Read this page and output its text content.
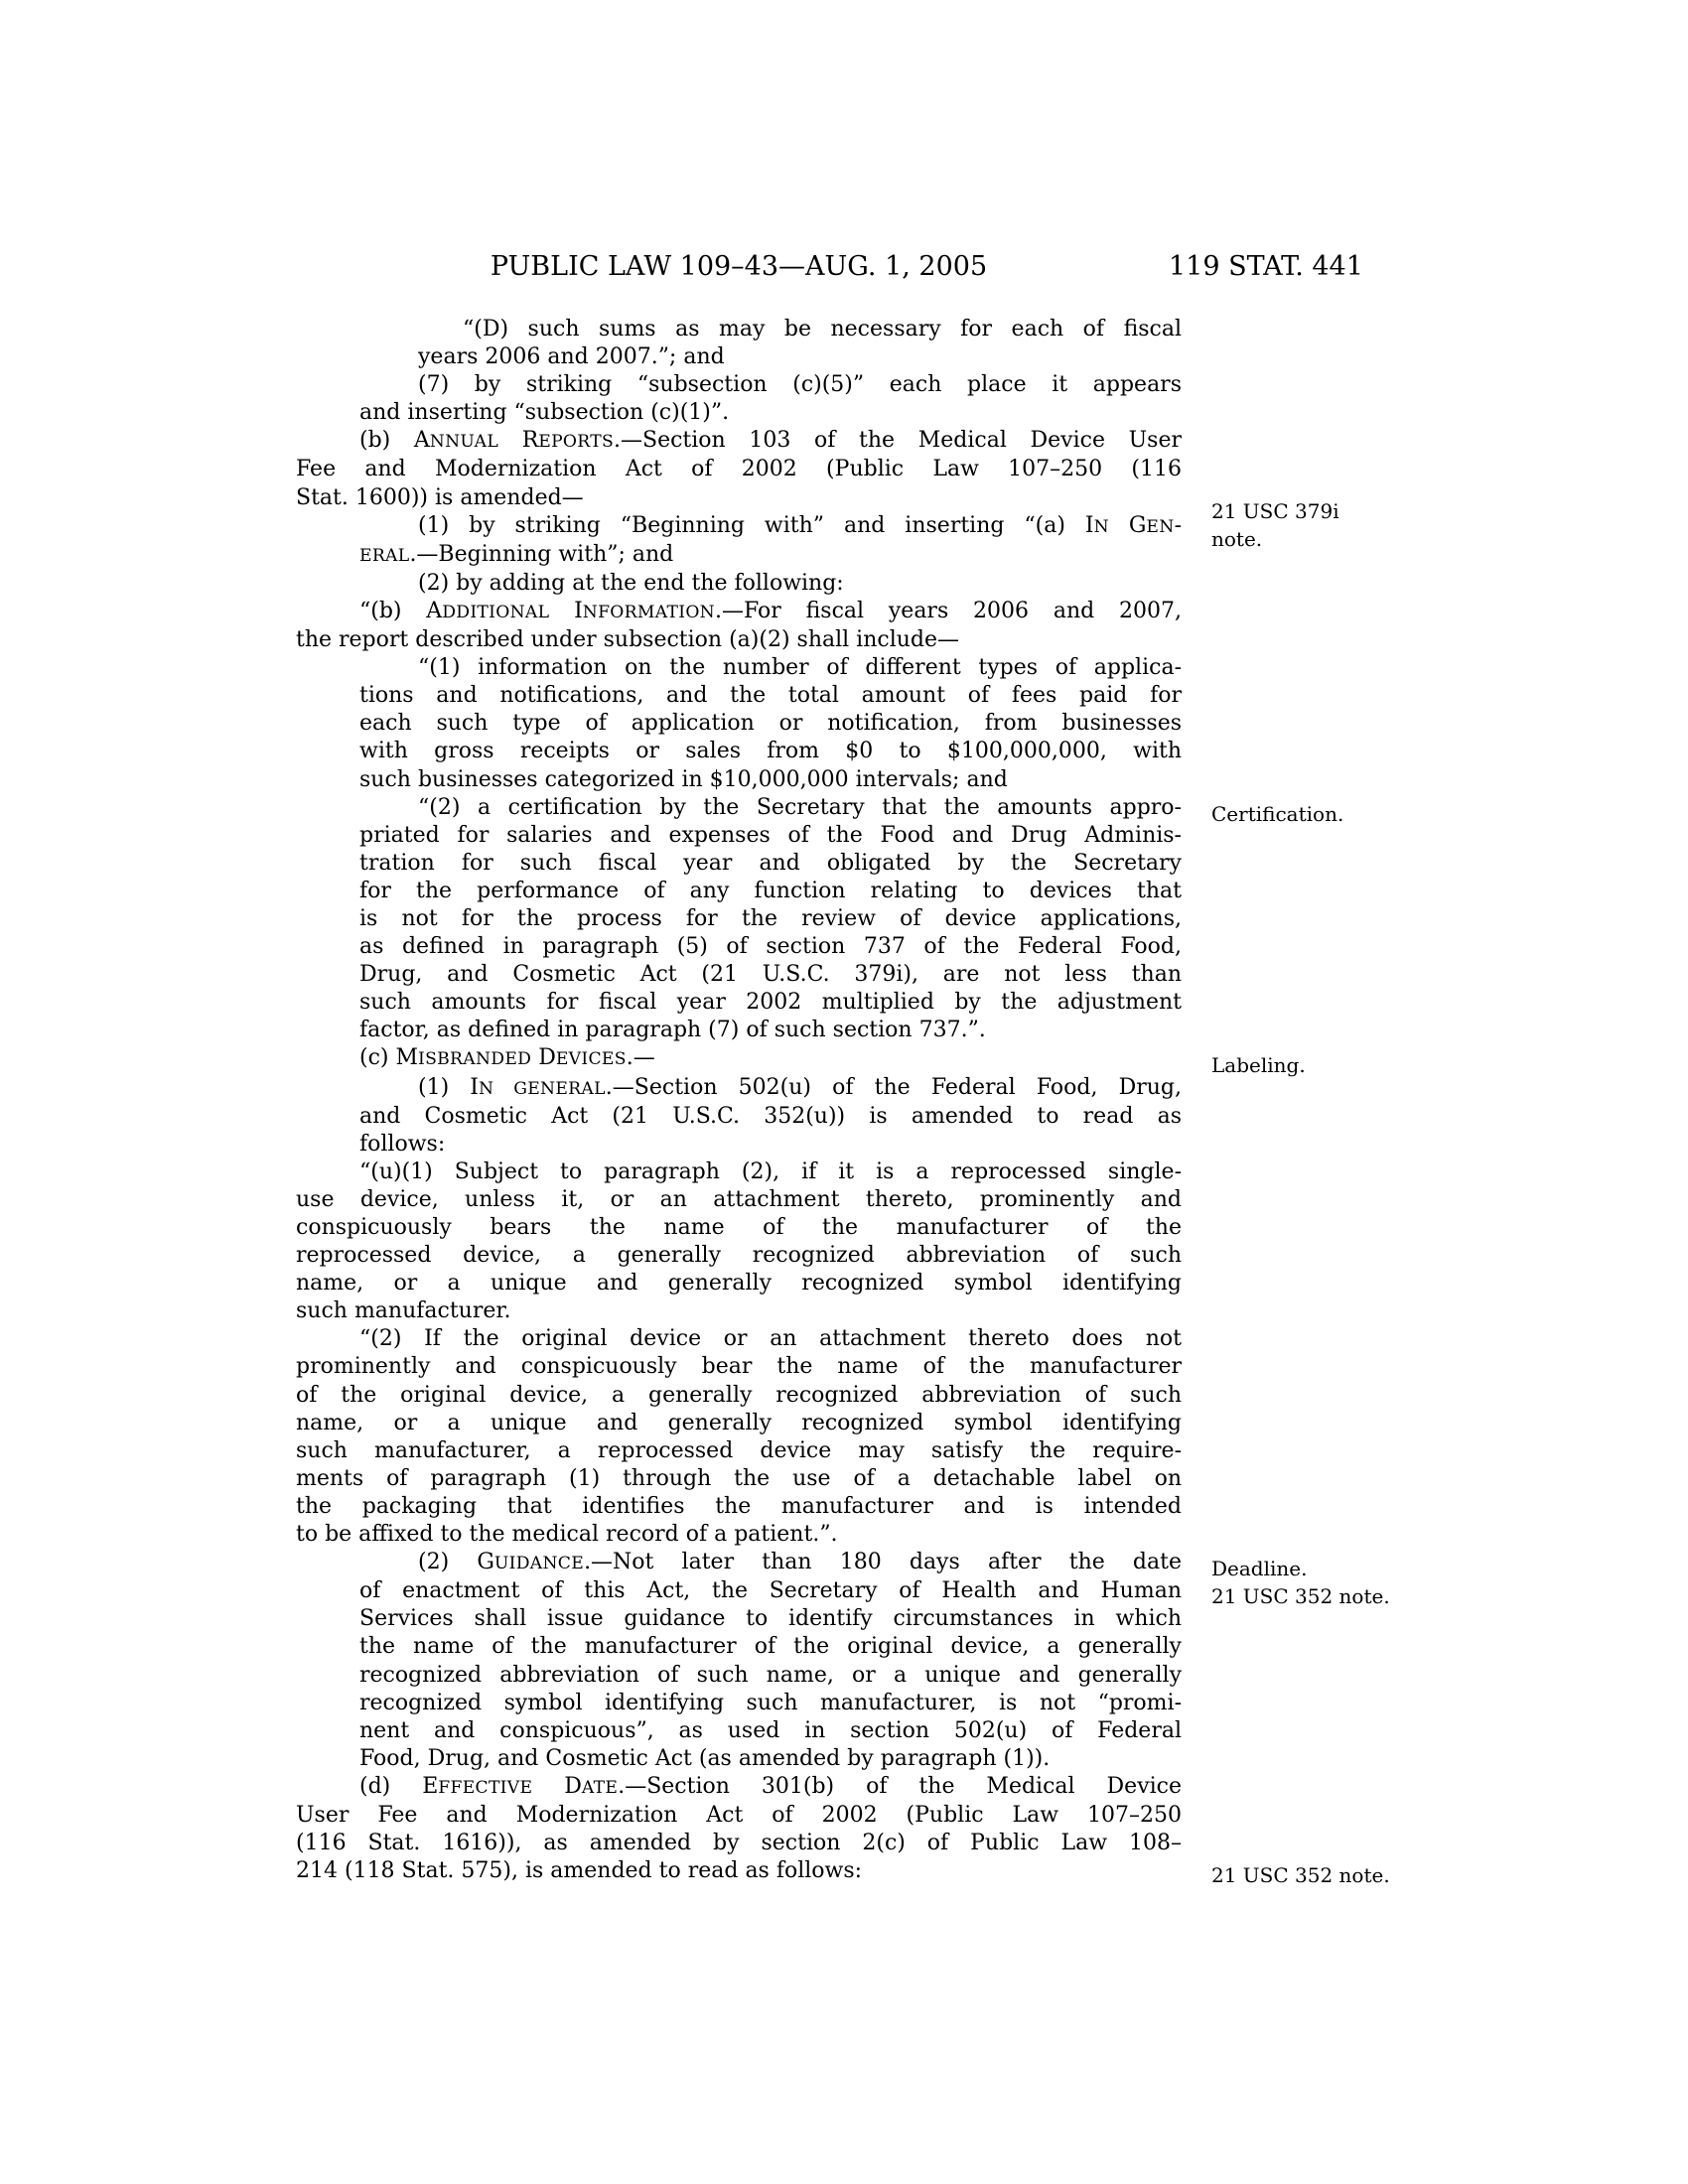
PUBLIC LAW 109–43—AUG. 1, 2005	119 STAT. 441
“(D) such sums as may be necessary for each of fiscal
years 2006 and 2007.”; and
(7) by striking “subsection (c)(5)” each place it appears
and inserting “subsection (c)(1)”.
(b) ANNUAL REPORTS.—Section 103 of the Medical Device User
Fee and Modernization Act of 2002 (Public Law 107–250 (116
Stat. 1600)) is amended—
(1) by striking “Beginning with” and inserting “(a) IN GEN-
ERAL.—Beginning with”; and
(2) by adding at the end the following:
“(b) ADDITIONAL INFORMATION.—For fiscal years 2006 and 2007,
the report described under subsection (a)(2) shall include—
“(1) information on the number of different types of applica-
tions and notifications, and the total amount of fees paid for
each such type of application or notification, from businesses
with gross receipts or sales from $0 to $100,000,000, with
such businesses categorized in $10,000,000 intervals; and
“(2) a certification by the Secretary that the amounts appro-
priated for salaries and expenses of the Food and Drug Adminis-
tration for such fiscal year and obligated by the Secretary
for the performance of any function relating to devices that
is not for the process for the review of device applications,
as defined in paragraph (5) of section 737 of the Federal Food,
Drug, and Cosmetic Act (21 U.S.C. 379i), are not less than
such amounts for fiscal year 2002 multiplied by the adjustment
factor, as defined in paragraph (7) of such section 737.”.
(c) MISBRANDED DEVICES.—
(1) IN GENERAL.—Section 502(u) of the Federal Food, Drug,
and Cosmetic Act (21 U.S.C. 352(u)) is amended to read as
follows:
“(u)(1) Subject to paragraph (2), if it is a reprocessed single-
use device, unless it, or an attachment thereto, prominently and
conspicuously bears the name of the manufacturer of the
reprocessed device, a generally recognized abbreviation of such
name, or a unique and generally recognized symbol identifying
such manufacturer.
“(2) If the original device or an attachment thereto does not
prominently and conspicuously bear the name of the manufacturer
of the original device, a generally recognized abbreviation of such
name, or a unique and generally recognized symbol identifying
such manufacturer, a reprocessed device may satisfy the require-
ments of paragraph (1) through the use of a detachable label on
the packaging that identifies the manufacturer and is intended
to be affixed to the medical record of a patient.”.
(2) GUIDANCE.—Not later than 180 days after the date
of enactment of this Act, the Secretary of Health and Human
Services shall issue guidance to identify circumstances in which
the name of the manufacturer of the original device, a generally
recognized abbreviation of such name, or a unique and generally
recognized symbol identifying such manufacturer, is not “promi-
nent and conspicuous”, as used in section 502(u) of Federal
Food, Drug, and Cosmetic Act (as amended by paragraph (1)).
(d) EFFECTIVE DATE.—Section 301(b) of the Medical Device
User Fee and Modernization Act of 2002 (Public Law 107–250
(116 Stat. 1616)), as amended by section 2(c) of Public Law 108–
214 (118 Stat. 575), is amended to read as follows:
21 USC 379i
note.
Certification.
Labeling.
Deadline.
21 USC 352 note.
21 USC 352 note.
